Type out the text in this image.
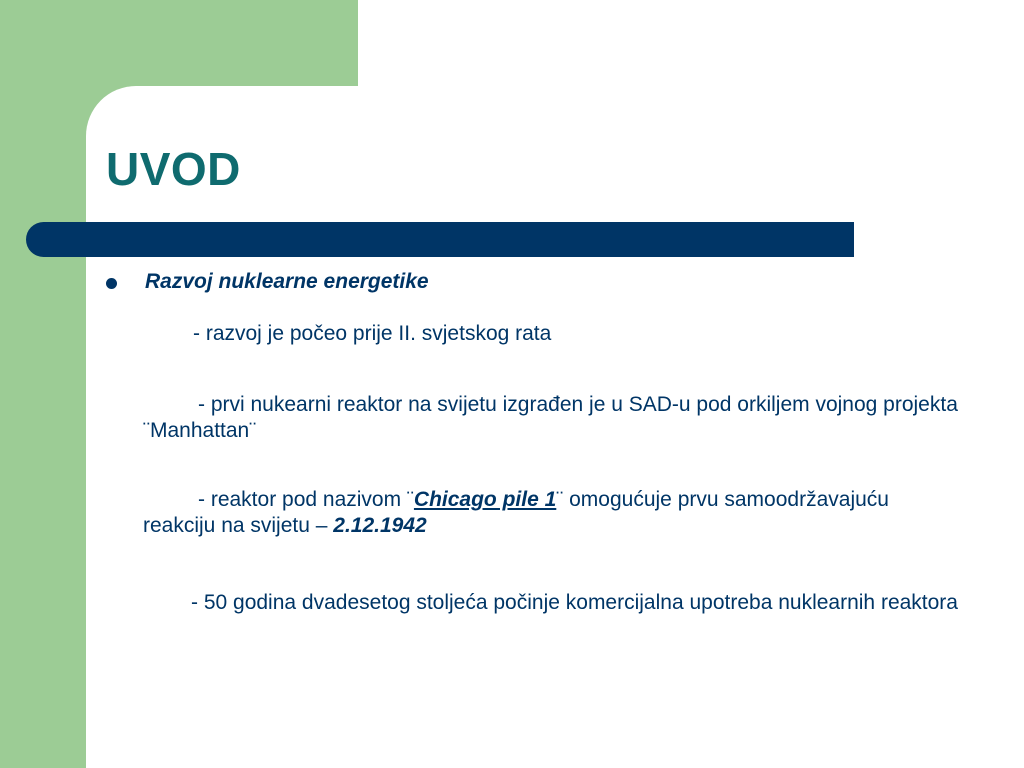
UVOD
Razvoj nuklearne energetike
- razvoj je počeo prije II. svjetskog rata
- prvi nukearni reaktor na svijetu izgrađen je u SAD-u pod orkiljem vojnog projekta ¨Manhattan¨
- reaktor pod nazivom ¨Chicago pile 1¨ omogućuje prvu samoodržavajuću reakciju na svijetu – 2.12.1942
- 50 godina dvadesetog stoljeća počinje komercijalna upotreba nuklearnih reaktora
